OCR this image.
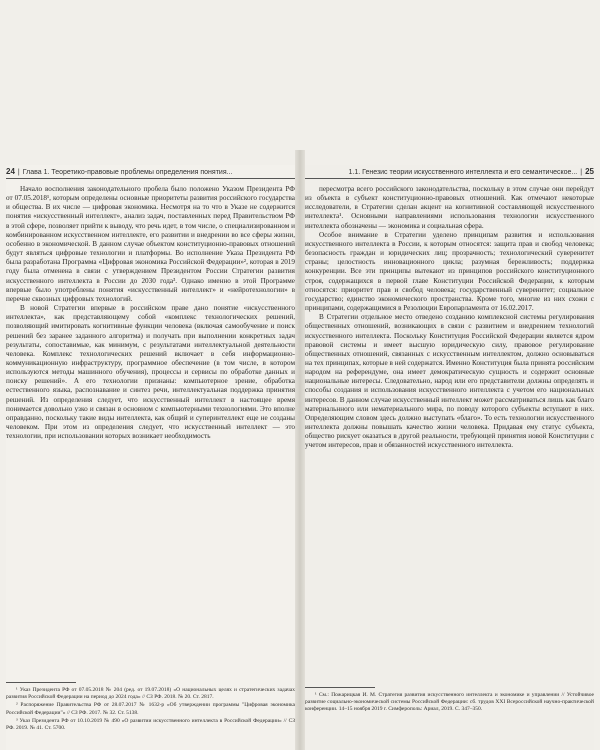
24 | Глава 1. Теоретико-правовые проблемы определения понятия...

Начало восполнения законодательного пробела было положено Указом Президента РФ от 07.05.2018¹, которым определены основные приоритеты развития российского государства и общества. В их числе — цифровая экономика. Несмотря на то что в Указе не содержится понятия «искусственный интеллект», анализ задач, поставленных перед Правительством РФ в этой сфере, позволяет прийти к выводу, что речь идет, в том числе, о специализированном и комбинированном искусственном интеллекте, его развитии и внедрении во все сферы жизни, особенно в экономической. В данном случае объектом конституционно-правовых отношений будут являться цифровые технологии и платформы. Во исполнение Указа Президента РФ была разработана Программа «Цифровая экономика Российской Федерации»², которая в 2019 году была отменена в связи с утверждением Президентом России Стратегии развития искусственного интеллекта в России до 2030 года³. Однако именно в этой Программе впервые было употреблены понятия «искусственный интеллект» и «нейротехнологии» в перечне сквозных цифровых технологий.

В новой Стратегии впервые в российском праве дано понятие «искусственного интеллекта», как представляющему собой «комплекс технологических решений, позволяющий имитировать когнитивные функции человека (включая самообучение и поиск решений без заранее заданного алгоритма) и получать при выполнении конкретных задач результаты, сопоставимые, как минимум, с результатами интеллектуальной деятельности человека. Комплекс технологических решений включает в себя информационно-коммуникационную инфраструктуру, программное обеспечение (в том числе, в котором используются методы машинного обучения), процессы и сервисы по обработке данных и поиску решений». А его технологии признаны: компьютерное зрение, обработка естественного языка, распознавание и синтез речи, интеллектуальная поддержка принятия решений. Из определения следует, что искусственный интеллект в настоящее время понимается довольно узко и связан в основном с компьютерными технологиями. Это вполне оправданно, поскольку такие виды интеллекта, как общий и суперинтеллект еще не созданы человеком. При этом из определения следует, что искусственный интеллект — это технологии, при использовании которых возникает необходимость

¹ Указ Президента РФ от 07.05.2018 № 204 (ред. от 19.07.2018) «О национальных целях и стратегических задачах развития Российской Федерации на период до 2024 года» // СЗ РФ. 2018. № 20. Ст. 2817.

² Распоряжение Правительства РФ от 28.07.2017 № 1632-р «Об утверждении программы "Цифровая экономика Российской Федерации"» // СЗ РФ. 2017. № 32. Ст. 5138.

³ Указ Президента РФ от 10.10.2019 № 490 «О развитии искусственного интеллекта в Российской Федерации» // СЗ РФ. 2019. № 41. Ст. 5700.

1.1. Генезис теории искусственного интеллекта и его семантическое... | 25

пересмотра всего российского законодательства, поскольку в этом случае они перейдут из объекта в субъект конституционно-правовых отношений. Как отмечают некоторые исследователи, в Стратегии сделан акцент на когнитивной составляющей искусственного интеллекта¹. Основными направлениями использования технологии искусственного интеллекта обозначены — экономика и социальная сфера.

Особое внимание в Стратегии уделено принципам развития и использования искусственного интеллекта в России, к которым относятся: защита прав и свобод человека; безопасность граждан и юридических лиц; прозрачность; технологический суверенитет страны; целостность инновационного цикла; разумная бережливость; поддержка конкуренции. Все эти принципы вытекают из принципов российского конституционного строя, содержащихся в первой главе Конституции Российской Федерации, к которым относятся: приоритет прав и свобод человека; государственный суверенитет; социальное государство; единство экономического пространства. Кроме того, многие из них схожи с принципами, содержащимися в Резолюции Европарламента от 16.02.2017.

В Стратегии отдельное место отведено созданию комплексной системы регулирования общественных отношений, возникающих в связи с развитием и внедрением технологий искусственного интеллекта. Поскольку Конституция Российской Федерации является ядром правовой системы и имеет высшую юридическую силу, правовое регулирование общественных отношений, связанных с искусственным интеллектом, должно основываться на тех принципах, которые в ней содержатся. Именно Конституция была принята российским народом на референдуме, она имеет демократическую сущность и содержит основные национальные интересы. Следовательно, народ или его представители должны определять и способы создания и использования искусственного интеллекта с учетом его национальных интересов. В данном случае искусственный интеллект может рассматриваться лишь как благо материальнного или нематериального мира, по поводу которого субъекты вступают в них. Определяющим словом здесь должно выступать «благо». То есть технологии искусственного интеллекта должны повышать качество жизни человека. Придавая ему статус субъекта, общество рискует оказаться в другой реальности, требующей принятия новой Конституции с учетом интересов, прав и обязанностей искусственного интеллекта.

¹ См.: Пожарицкая И. М. Стратегия развития искусственного интеллекта и экономике и управлении // Устойчивое развитие социально-экономической системы Российской Федерации: сб. трудов XXI Всероссийской научно-практической конференции. 14–15 ноября 2019 г. Симферополь: Ариал, 2019. С. 347–350.
